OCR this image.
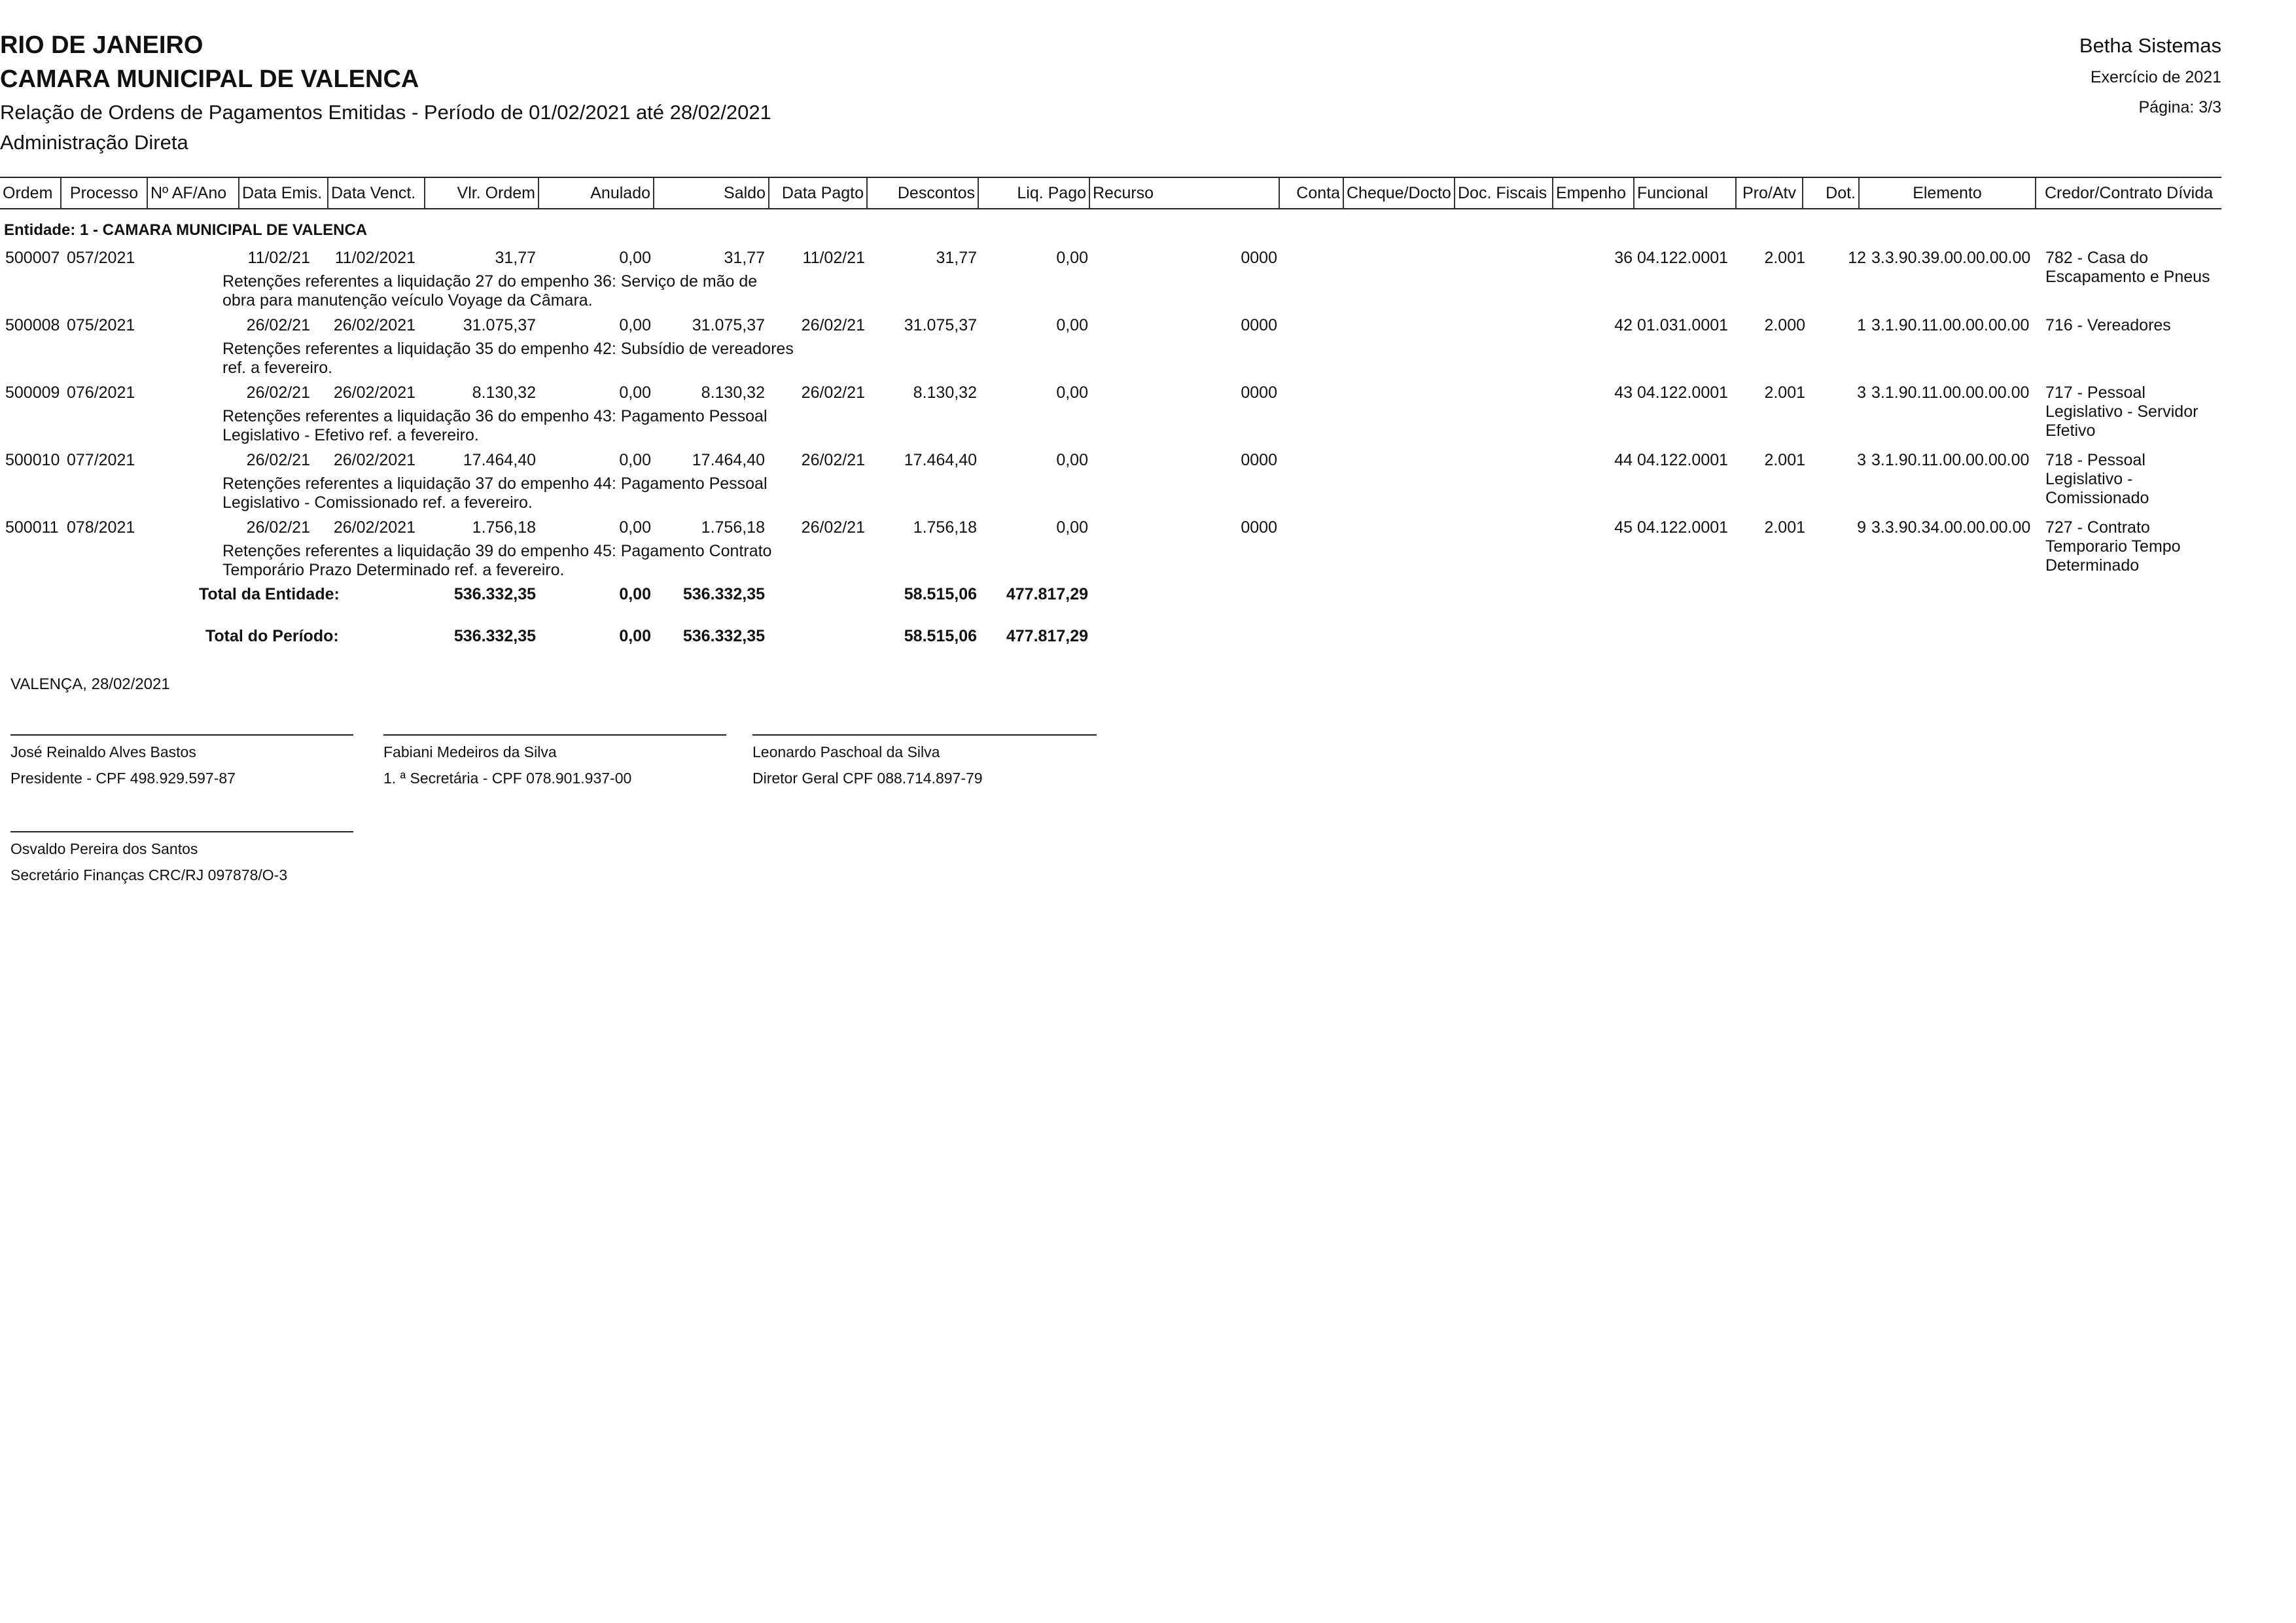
RIO DE JANEIRO
CAMARA MUNICIPAL DE VALENCA
Relação de Ordens de Pagamentos Emitidas - Período de 01/02/2021 até 28/02/2021
Administração Direta
Betha Sistemas
Exercício de 2021
Página: 3/3
Ordem	Processo Nº AF/Ano Data Emis. Data Venct.	Vlr. Ordem	Anulado	Saldo Data Pagto	Descontos	Liq. Pago Recurso	Conta Cheque/Docto Doc. Fiscais Empenho Funcional	Pro/Atv	Dot.	Elemento	Credor/Contrato Dívida
Entidade: 1 - CAMARA MUNICIPAL DE VALENCA
500007 057/2021	11/02/21 11/02/2021	31,77	0,00	31,77 11/02/21	31,77	0,00	0000	36 04.122.0001 2.001	12 3.3.90.39.00.00.00.00 782 - Casa do
Escapamento e Pneus
Retenções referentes a liquidação 27 do empenho 36: Serviço de mão de
obra para manutenção veículo Voyage da Câmara.
500008 075/2021	26/02/21 26/02/2021	31.075,37	0,00	31.075,37 26/02/21 31.075,37	0,00	0000	42 01.031.0001 2.000	1 3.1.90.11.00.00.00.00 716 - Vereadores
Retenções referentes a liquidação 35 do empenho 42: Subsídio de vereadores
ref. a fevereiro.
500009 076/2021	26/02/21 26/02/2021	8.130,32	0,00	8.130,32 26/02/21	8.130,32	0,00	0000	43 04.122.0001 2.001	3 3.1.90.11.00.00.00.00 717 - Pessoal
Legislativo - Servidor
Efetivo
Retenções referentes a liquidação 36 do empenho 43: Pagamento Pessoal
Legislativo - Efetivo ref. a fevereiro.
500010 077/2021	26/02/21 26/02/2021	17.464,40	0,00	17.464,40 26/02/21 17.464,40	0,00	0000	44 04.122.0001 2.001	3 3.1.90.11.00.00.00.00 718 - Pessoal
Legislativo -
Comissionado
Retenções referentes a liquidação 37 do empenho 44: Pagamento Pessoal
Legislativo - Comissionado ref. a fevereiro.
500011 078/2021	26/02/21 26/02/2021	1.756,18	0,00	1.756,18 26/02/21	1.756,18	0,00	0000	45 04.122.0001 2.001	9 3.3.90.34.00.00.00.00 727 - Contrato
Temporario Tempo
Determinado
Retenções referentes a liquidação 39 do empenho 45: Pagamento Contrato
Temporário Prazo Determinado ref. a fevereiro.
Total da Entidade:	536.332,35	0,00 536.332,35	58.515,06 477.817,29
Total do Período:	536.332,35	0,00 536.332,35	58.515,06 477.817,29
VALENÇA, 28/02/2021
José Reinaldo Alves Bastos
Presidente - CPF 498.929.597-87
Fabiani Medeiros da Silva
1. ª Secretária - CPF 078.901.937-00
Leonardo Paschoal da Silva
Diretor Geral CPF 088.714.897-79
Osvaldo Pereira dos Santos
Secretário Finanças CRC/RJ 097878/O-3
